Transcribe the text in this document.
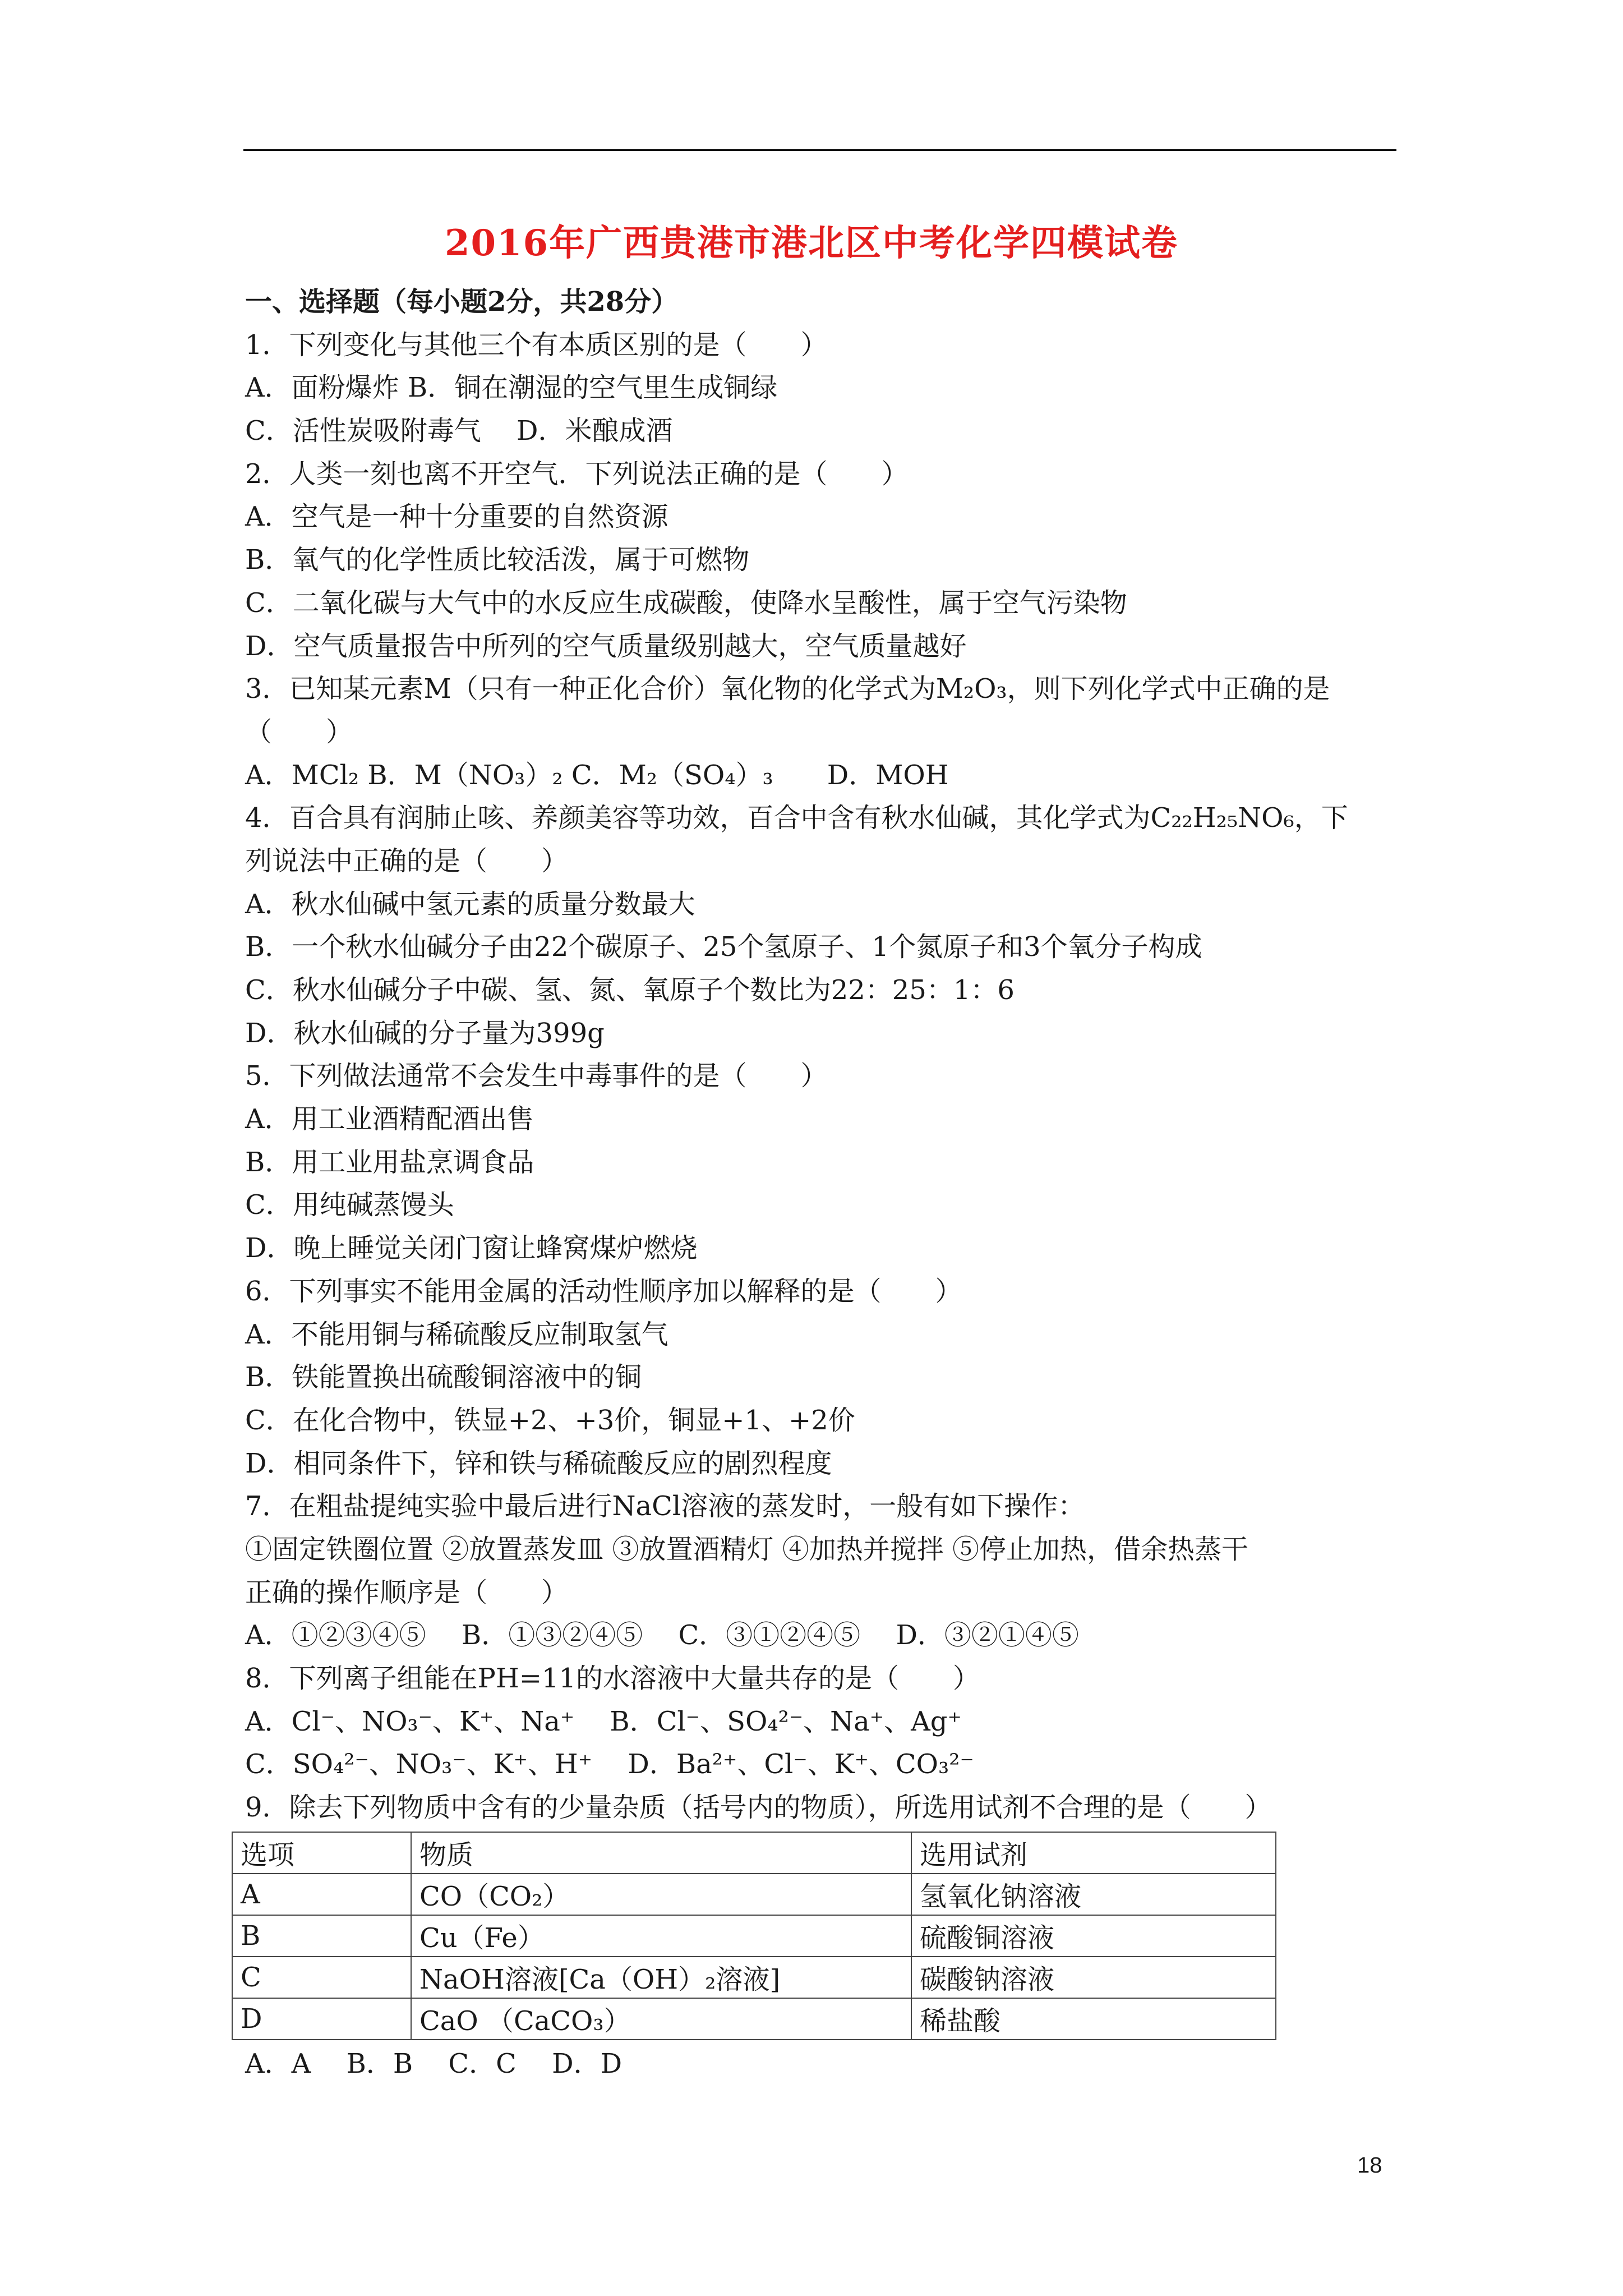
2016年广西贵港市港北区中考化学四模试卷
一、选择题（每小题2分，共28分）
1．下列变化与其他三个有本质区别的是（　　）
A．面粉爆炸 B．铜在潮湿的空气里生成铜绿
C．活性炭吸附毒气　 D．米酿成酒
2．人类一刻也离不开空气．下列说法正确的是（　　）
A．空气是一种十分重要的自然资源
B．氧气的化学性质比较活泼，属于可燃物
C．二氧化碳与大气中的水反应生成碳酸，使降水呈酸性，属于空气污染物
D．空气质量报告中所列的空气质量级别越大，空气质量越好
3．已知某元素M（只有一种正化合价）氧化物的化学式为M₂O₃，则下列化学式中正确的是
（　　）
A．MCl₂ B．M（NO₃）₂ C．M₂（SO₄）₃　　D．MOH
4．百合具有润肺止咳、养颜美容等功效，百合中含有秋水仙碱，其化学式为C₂₂H₂₅NO₆，下
列说法中正确的是（　　）
A．秋水仙碱中氢元素的质量分数最大
B．一个秋水仙碱分子由22个碳原子、25个氢原子、1个氮原子和3个氧分子构成
C．秋水仙碱分子中碳、氢、氮、氧原子个数比为22：25：1：6
D．秋水仙碱的分子量为399g
5．下列做法通常不会发生中毒事件的是（　　）
A．用工业酒精配酒出售
B．用工业用盐烹调食品
C．用纯碱蒸馒头
D．晚上睡觉关闭门窗让蜂窝煤炉燃烧
6．下列事实不能用金属的活动性顺序加以解释的是（　　）
A．不能用铜与稀硫酸反应制取氢气
B．铁能置换出硫酸铜溶液中的铜
C．在化合物中，铁显+2、+3价，铜显+1、+2价
D．相同条件下，锌和铁与稀硫酸反应的剧烈程度
7．在粗盐提纯实验中最后进行NaCl溶液的蒸发时，一般有如下操作：
①固定铁圈位置 ②放置蒸发皿 ③放置酒精灯 ④加热并搅拌 ⑤停止加热，借余热蒸干
正确的操作顺序是（　　）
A．①②③④⑤　 B．①③②④⑤　 C．③①②④⑤　 D．③②①④⑤
8．下列离子组能在PH=11的水溶液中大量共存的是（　　）
A．Cl⁻、NO₃⁻、K⁺、Na⁺　 B．Cl⁻、SO₄²⁻、Na⁺、Ag⁺
C．SO₄²⁻、NO₃⁻、K⁺、H⁺　 D．Ba²⁺、Cl⁻、K⁺、CO₃²⁻
9．除去下列物质中含有的少量杂质（括号内的物质），所选用试剂不合理的是（　　）
选项	物质	选用试剂
A	CO（CO₂）	氢氧化钠溶液
B	Cu（Fe）	硫酸铜溶液
C	NaOH溶液[Ca（OH）₂溶液]	碳酸钠溶液
D	CaO （CaCO₃）	稀盐酸
A．A　 B．B　 C．C　 D．D
18
